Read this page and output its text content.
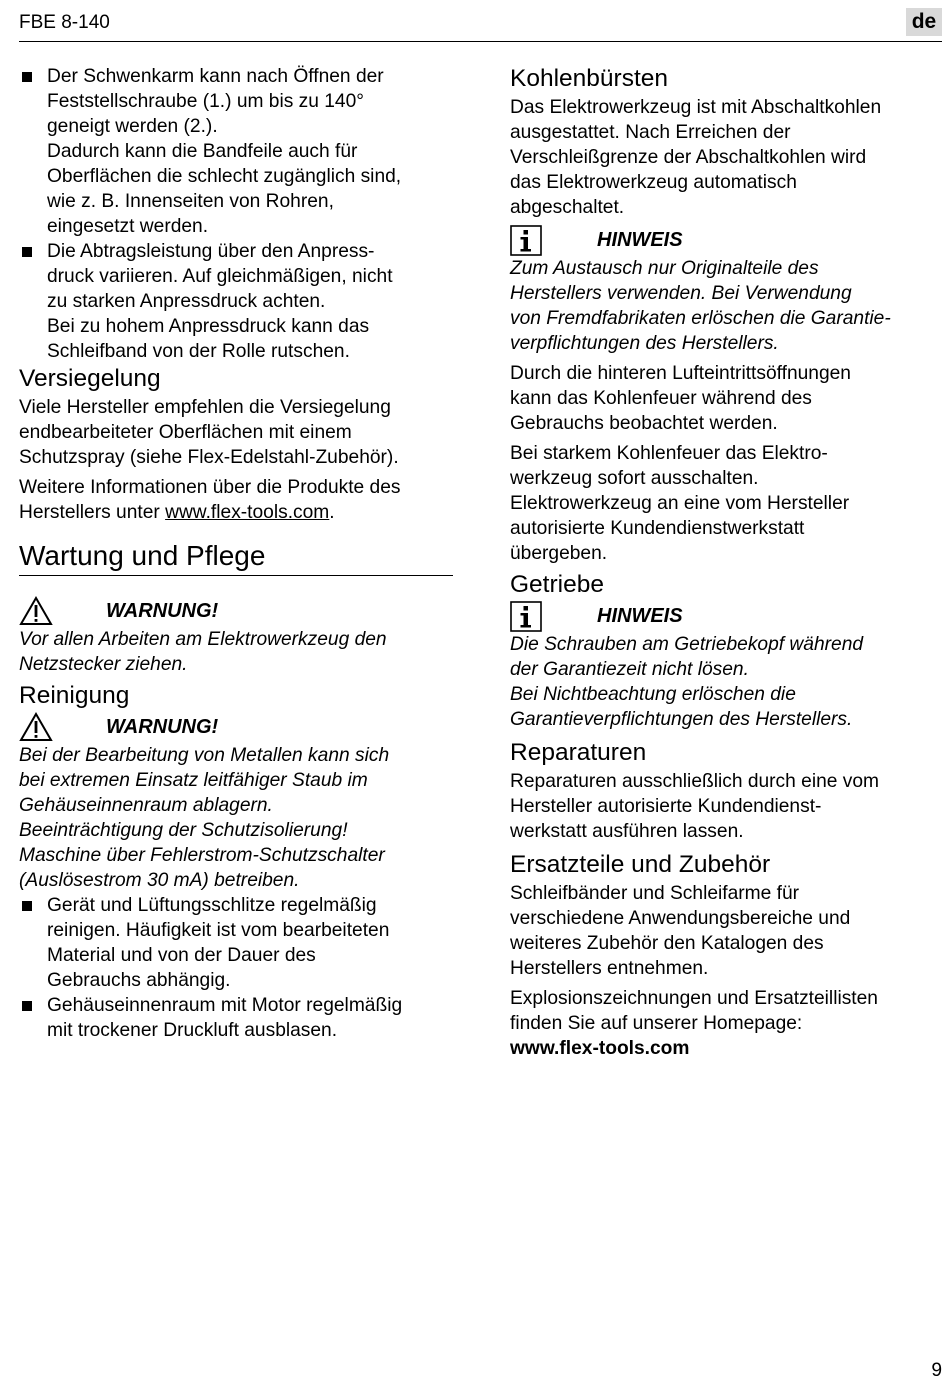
FBE 8-140	de
Der Schwenkarm kann nach Öffnen der
Feststellschraube (1.) um bis zu 140°
geneigt werden (2.).
Dadurch kann die Bandfeile auch für
Oberflächen die schlecht zugänglich sind,
wie z. B. Innenseiten von Rohren,
eingesetzt werden.
Die Abtragsleistung über den Anpress-
druck variieren. Auf gleichmäßigen, nicht
zu starken Anpressdruck achten.
Bei zu hohem Anpressdruck kann das
Schleifband von der Rolle rutschen.
Versiegelung
Viele Hersteller empfehlen die Versiegelung
endbearbeiteter Oberflächen mit einem
Schutzspray (siehe Flex-Edelstahl-Zubehör).
Weitere Informationen über die Produkte des
Herstellers unter www.flex-tools.com.
Wartung und Pflege
WARNUNG!
Vor allen Arbeiten am Elektrowerkzeug den
Netzstecker ziehen.
Reinigung
WARNUNG!
Bei der Bearbeitung von Metallen kann sich
bei extremen Einsatz leitfähiger Staub im
Gehäuseinnenraum ablagern.
Beeinträchtigung der Schutzisolierung!
Maschine über Fehlerstrom-Schutzschalter
(Auslösestrom 30 mA) betreiben.
Gerät und Lüftungsschlitze regelmäßig
reinigen. Häufigkeit ist vom bearbeiteten
Material und von der Dauer des
Gebrauchs abhängig.
Gehäuseinnenraum mit Motor regelmäßig
mit trockener Druckluft ausblasen.
Kohlenbürsten
Das Elektrowerkzeug ist mit Abschaltkohlen
ausgestattet. Nach Erreichen der
Verschleißgrenze der Abschaltkohlen wird
das Elektrowerkzeug automatisch
abgeschaltet.
HINWEIS
Zum Austausch nur Originalteile des
Herstellers verwenden. Bei Verwendung
von Fremdfabrikaten erlöschen die Garantie-
verpflichtungen des Herstellers.
Durch die hinteren Lufteintrittsöffnungen
kann das Kohlenfeuer während des
Gebrauchs beobachtet werden.
Bei starkem Kohlenfeuer das Elektro-
werkzeug sofort ausschalten.
Elektrowerkzeug an eine vom Hersteller
autorisierte Kundendienstwerkstatt
übergeben.
Getriebe
HINWEIS
Die Schrauben am Getriebekopf während
der Garantiezeit nicht lösen.
Bei Nichtbeachtung erlöschen die
Garantieverpflichtungen des Herstellers.
Reparaturen
Reparaturen ausschließlich durch eine vom
Hersteller autorisierte Kundendienst-
werkstatt ausführen lassen.
Ersatzteile und Zubehör
Schleifbänder und Schleifarme für
verschiedene Anwendungsbereiche und
weiteres Zubehör den Katalogen des
Herstellers entnehmen.
Explosionszeichnungen und Ersatzteillisten
finden Sie auf unserer Homepage:
www.flex-tools.com
9
